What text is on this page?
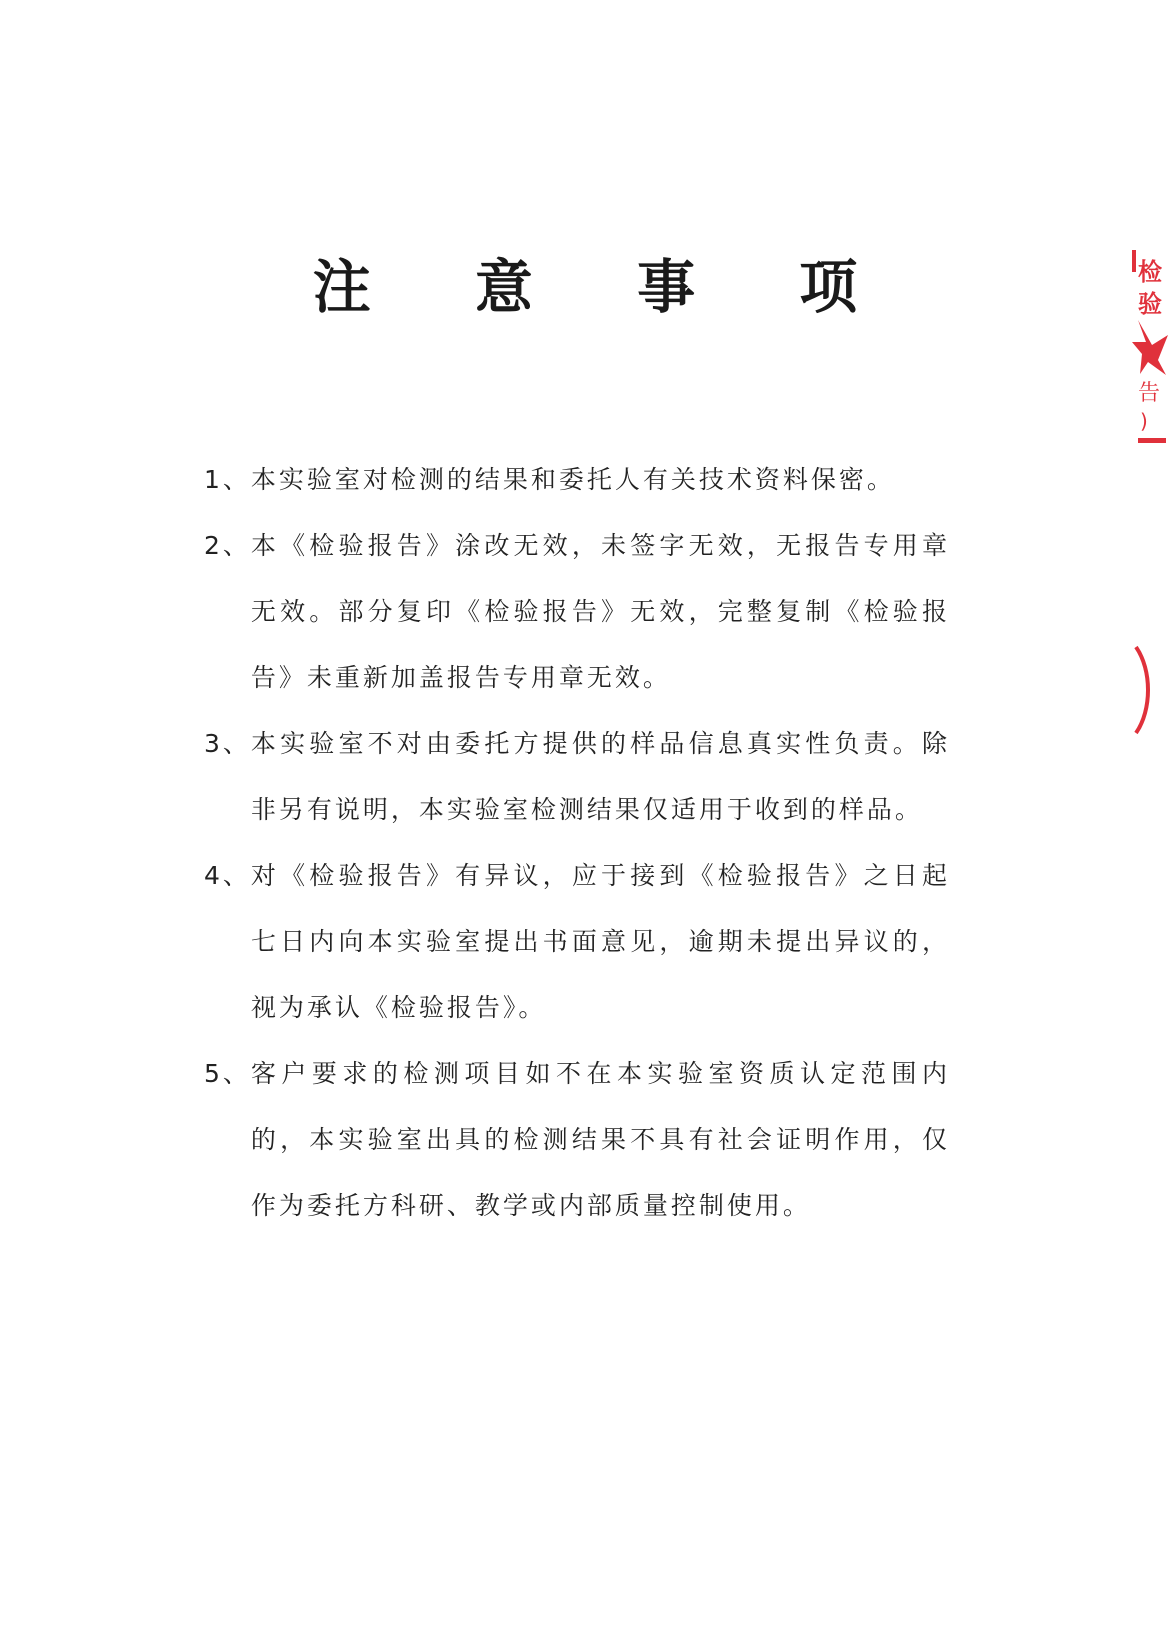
注 意 事 项
1、 本实验室对检测的结果和委托人有关技术资料保密。
2、 本《检验报告》涂改无效，未签字无效，无报告专用章无效。部分复印《检验报告》无效，完整复制《检验报告》未重新加盖报告专用章无效。
3、 本实验室不对由委托方提供的样品信息真实性负责。除非另有说明，本实验室检测结果仅适用于收到的样品。
4、 对《检验报告》有异议，应于接到《检验报告》之日起七日内向本实验室提出书面意见，逾期未提出异议的，视为承认《检验报告》。
5、 客户要求的检测项目如不在本实验室资质认定范围内的，本实验室出具的检测结果不具有社会证明作用，仅作为委托方科研、教学或内部质量控制使用。
检
验
告
)
